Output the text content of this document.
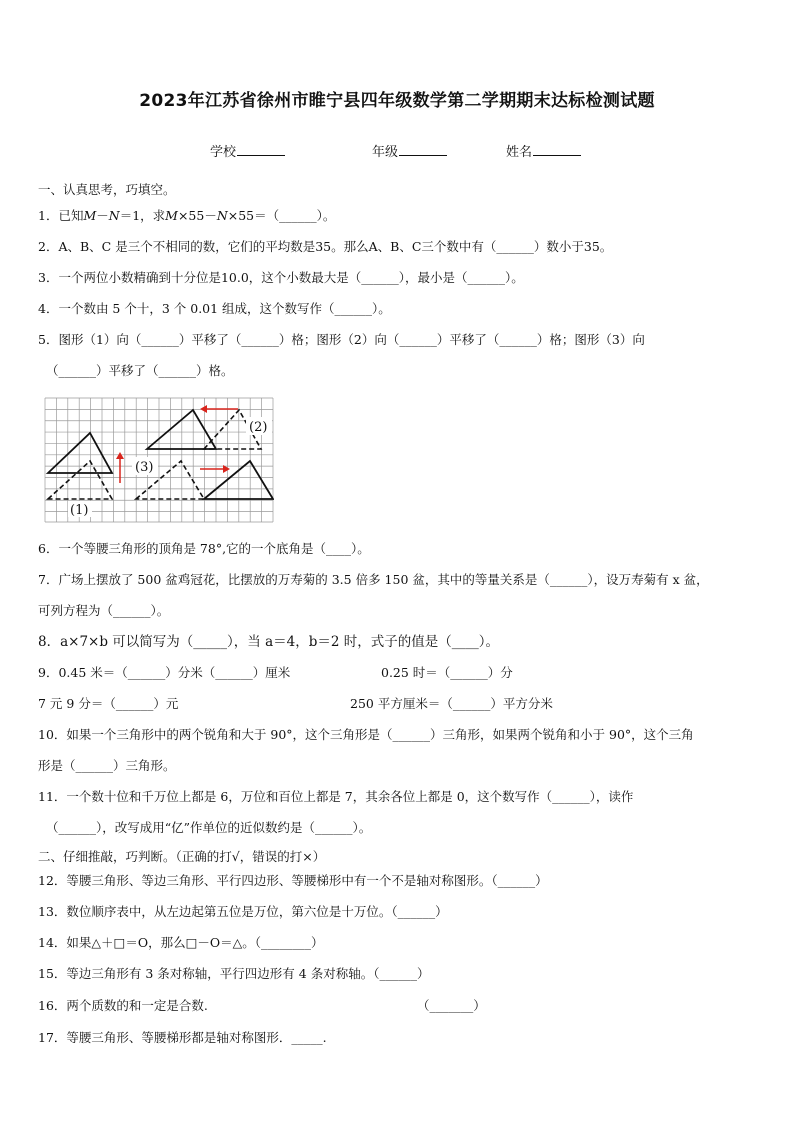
2023年江苏省徐州市睢宁县四年级数学第二学期期末达标检测试题
学校	年级	姓名
一、认真思考，巧填空。
1．已知𝑀－𝑁＝1，求𝑀×55－𝑁×55＝（______）。
2．A、B、C 是三个不相同的数，它们的平均数是35。那么A、B、C三个数中有（______）数小于35。
3．一个两位小数精确到十分位是10.0，这个小数最大是（______），最小是（______）。
4．一个数由 5 个十，3 个 0.01 组成，这个数写作（______）。
5．图形（1）向（______）平移了（______）格；图形（2）向（______）平移了（______）格；图形（3）向
（______）平移了（______）格。
(1)
(2)
(3)
6．一个等腰三角形的顶角是 78°,它的一个底角是（____）。
7．广场上摆放了 500 盆鸡冠花，比摆放的万寿菊的 3.5 倍多 150 盆，其中的等量关系是（______），设万寿菊有 x 盆，
可列方程为（______）。
8．a×7×b 可以简写为（_____），当 a＝4，b＝2 时，式子的值是（____）。
9．0.45 米＝（______）分米（______）厘米	0.25 时＝（______）分
7 元 9 分＝（______）元	250 平方厘米＝（______）平方分米
10．如果一个三角形中的两个锐角和大于 90°，这个三角形是（______）三角形，如果两个锐角和小于 90°，这个三角
形是（______）三角形。
11．一个数十位和千万位上都是 6，万位和百位上都是 7，其余各位上都是 0，这个数写作（______），读作
（______），改写成用“亿”作单位的近似数约是（______）。
二、仔细推敲，巧判断。（正确的打√，错误的打×）
12．等腰三角形、等边三角形、平行四边形、等腰梯形中有一个不是轴对称图形。（______）
13．数位顺序表中，从左边起第五位是万位，第六位是十万位。（______）
14．如果△＋□＝O，那么□－O＝△。（________）
15．等边三角形有 3 条对称轴，平行四边形有 4 条对称轴。（______）
16．两个质数的和一定是合数.	（_______）
17．等腰三角形、等腰梯形都是轴对称图形．_____.
